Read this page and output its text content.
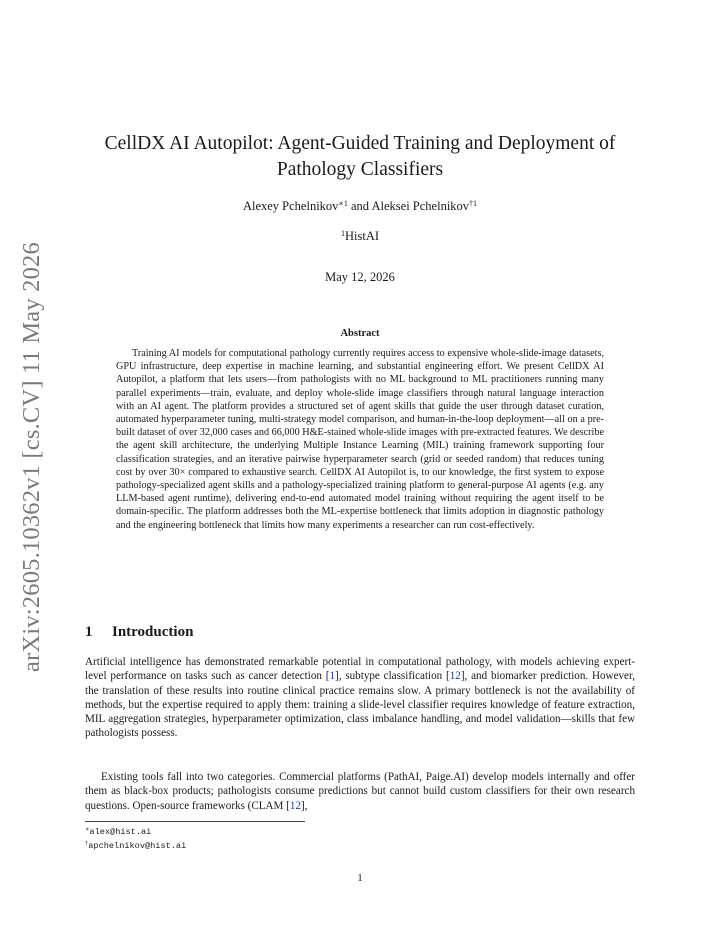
arXiv:2605.10362v1 [cs.CV] 11 May 2026
CellDX AI Autopilot: Agent-Guided Training and Deployment of Pathology Classifiers
Alexey Pchelnikov$^{∗1}$ and Aleksei Pchelnikov$^{\dagger 1}$
$^1$HistAI
May 12, 2026
Abstract

Training AI models for computational pathology currently requires access to expensive whole-slide-image datasets, GPU infrastructure, deep expertise in machine learning, and substantial engineering effort. We present CellDX AI Autopilot, a platform that lets users—from pathologists with no ML background to ML practitioners running many parallel experiments—train, evaluate, and deploy whole-slide image classifiers through natural language interaction with an AI agent. The platform provides a structured set of agent skills that guide the user through dataset curation, automated hyperparameter tuning, multi-strategy model comparison, and human-in-the-loop deployment—all on a pre-built dataset of over 32,000 cases and 66,000 H&E-stained whole-slide images with pre-extracted features. We describe the agent skill architecture, the underlying Multiple Instance Learning (MIL) training framework supporting four classification strategies, and an iterative pairwise hyperparameter search (grid or seeded random) that reduces tuning cost by over 30× compared to exhaustive search. CellDX AI Autopilot is, to our knowledge, the first system to expose pathology-specialized agent skills and a pathology-specialized training platform to general-purpose AI agents (e.g. any LLM-based agent runtime), delivering end-to-end automated model training without requiring the agent itself to be domain-specific. The platform addresses both the ML-expertise bottleneck that limits adoption in diagnostic pathology and the engineering bottleneck that limits how many experiments a researcher can run cost-effectively.

1 Introduction

Artificial intelligence has demonstrated remarkable potential in computational pathology, with models achieving expert-level performance on tasks such as cancer detection [1], subtype classification [12], and biomarker prediction. However, the translation of these results into routine clinical practice remains slow. A primary bottleneck is not the availability of methods, but the expertise required to apply them: training a slide-level classifier requires knowledge of feature extraction, MIL aggregation strategies, hyperparameter optimization, class imbalance handling, and model validation—skills that few pathologists possess.

Existing tools fall into two categories. Commercial platforms (PathAI, Paige.AI) develop models internally and offer them as black-box products; pathologists consume predictions but cannot build custom classifiers for their own research questions. Open-source frameworks (CLAM [12],

∗alex@hist.ai
†apchelnikov@hist.ai
1
